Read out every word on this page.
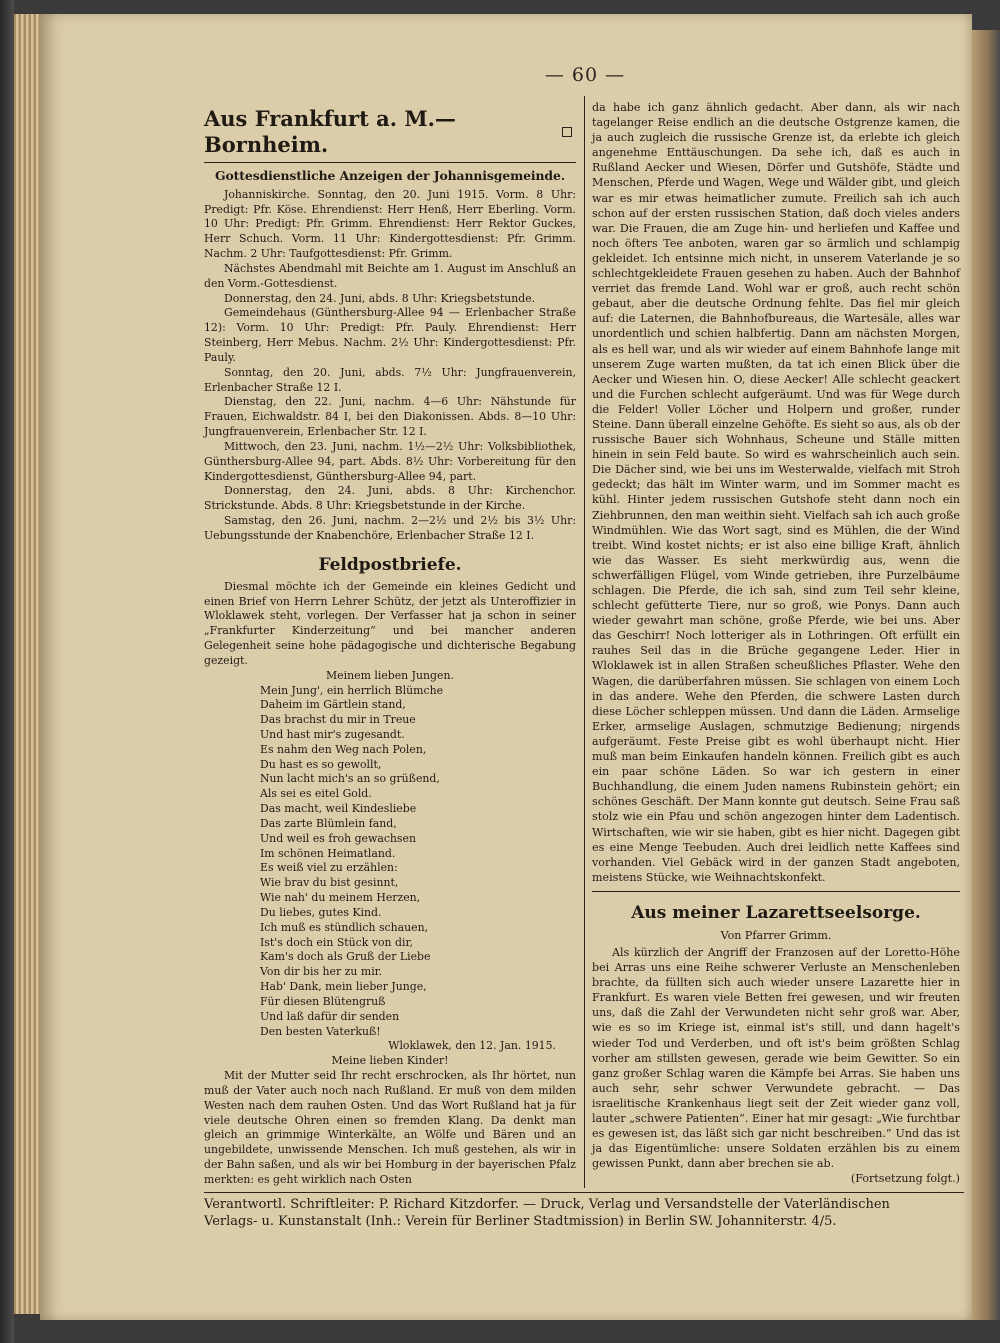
— 60 —
Aus Frankfurt a. M.—Bornheim.
Gottesdienstliche Anzeigen der Johannisgemeinde.

Johanniskirche. Sonntag, den 20. Juni 1915. Vorm. 8 Uhr: Predigt: Pfr. Köse. Ehrendienst: Herr Henß, Herr Eberling. Vorm. 10 Uhr: Predigt: Pfr. Grimm. Ehrendienst: Herr Rektor Guckes, Herr Schuch. Vorm. 11 Uhr: Kindergottesdienst: Pfr. Grimm. Nachm. 2 Uhr: Taufgottesdienst: Pfr. Grimm.

Nächstes Abendmahl mit Beichte am 1. August im Anschluß an den Vorm.-Gottesdienst.

Donnerstag, den 24. Juni, abds. 8 Uhr: Kriegsbetstunde.

Gemeindehaus (Günthersburg-Allee 94 — Erlenbacher Straße 12): Vorm. 10 Uhr: Predigt: Pfr. Pauly. Ehrendienst: Herr Steinberg, Herr Mebus. Nachm. 2½ Uhr: Kindergottesdienst: Pfr. Pauly.

Sonntag, den 20. Juni, abds. 7½ Uhr: Jungfrauenverein, Erlenbacher Straße 12 I.

Dienstag, den 22. Juni, nachm. 4—6 Uhr: Nähstunde für Frauen, Eichwaldstr. 84 I, bei den Diakonissen. Abds. 8—10 Uhr: Jungfrauenverein, Erlenbacher Str. 12 I.

Mittwoch, den 23. Juni, nachm. 1½—2½ Uhr: Volksbibliothek, Günthersburg-Allee 94, part. Abds. 8½ Uhr: Vorbereitung für den Kindergottesdienst, Günthersburg-Allee 94, part.

Donnerstag, den 24. Juni, abds. 8 Uhr: Kirchenchor. Strickstunde. Abds. 8 Uhr: Kriegsbetstunde in der Kirche.

Samstag, den 26. Juni, nachm. 2—2½ und 2½ bis 3½ Uhr: Uebungsstunde der Knabenchöre, Erlenbacher Straße 12 I.

Feldpostbriefe.

Diesmal möchte ich der Gemeinde ein kleines Gedicht und einen Brief von Herrn Lehrer Schütz, der jetzt als Unteroffizier in Wloklawek steht, vorlegen. Der Verfasser hat ja schon in seiner „Frankfurter Kinderzeitung“ und bei mancher anderen Gelegenheit seine hohe pädagogische und dichterische Begabung gezeigt.

Meinem lieben Jungen.
Mein Jung', ein herrlich Blümche
Daheim im Gärtlein stand,
Das brachst du mir in Treue
Und hast mir's zugesandt.
Es nahm den Weg nach Polen,
Du hast es so gewollt,
Nun lacht mich's an so grüßend,
Als sei es eitel Gold.
Das macht, weil Kindesliebe
Das zarte Blümlein fand,
Und weil es froh gewachsen
Im schönen Heimatland.
Es weiß viel zu erzählen:
Wie brav du bist gesinnt,
Wie nah' du meinem Herzen,
Du liebes, gutes Kind.
Ich muß es stündlich schauen,
Ist's doch ein Stück von dir,
Kam's doch als Gruß der Liebe
Von dir bis her zu mir.
Hab' Dank, mein lieber Junge,
Für diesen Blütengruß
Und laß dafür dir senden
Den besten Vaterkuß!
Wloklawek, den 12. Jan. 1915.
Meine lieben Kinder!

Mit der Mutter seid Ihr recht erschrocken, als Ihr hörtet, nun muß der Vater auch noch nach Rußland. Er muß von dem milden Westen nach dem rauhen Osten. Und das Wort Rußland hat ja für viele deutsche Ohren einen so fremden Klang. Da denkt man gleich an grimmige Winterkälte, an Wölfe und Bären und an ungebildete, unwissende Menschen. Ich muß gestehen, als wir in der Bahn saßen, und als wir bei Homburg in der bayerischen Pfalz merkten: es geht wirklich nach Osten

da habe ich ganz ähnlich gedacht. Aber dann, als wir nach tagelanger Reise endlich an die deutsche Ostgrenze kamen, die ja auch zugleich die russische Grenze ist, da erlebte ich gleich angenehme Enttäuschungen. Da sehe ich, daß es auch in Rußland Aecker und Wiesen, Dörfer und Gutshöfe, Städte und Menschen, Pferde und Wagen, Wege und Wälder gibt, und gleich war es mir etwas heimatlicher zumute. Freilich sah ich auch schon auf der ersten russischen Station, daß doch vieles anders war. Die Frauen, die am Zuge hin- und herliefen und Kaffee und noch öfters Tee anboten, waren gar so ärmlich und schlampig gekleidet. Ich entsinne mich nicht, in unserem Vaterlande je so schlechtgekleidete Frauen gesehen zu haben. Auch der Bahnhof verriet das fremde Land. Wohl war er groß, auch recht schön gebaut, aber die deutsche Ordnung fehlte. Das fiel mir gleich auf: die Laternen, die Bahnhofbureaus, die Wartesäle, alles war unordentlich und schien halbfertig. Dann am nächsten Morgen, als es hell war, und als wir wieder auf einem Bahnhofe lange mit unserem Zuge warten mußten, da tat ich einen Blick über die Aecker und Wiesen hin. O, diese Aecker! Alle schlecht geackert und die Furchen schlecht aufgeräumt. Und was für Wege durch die Felder! Voller Löcher und Holpern und großer, runder Steine. Dann überall einzelne Gehöfte. Es sieht so aus, als ob der russische Bauer sich Wohnhaus, Scheune und Ställe mitten hinein in sein Feld baute. So wird es wahrscheinlich auch sein. Die Dächer sind, wie bei uns im Westerwalde, vielfach mit Stroh gedeckt; das hält im Winter warm, und im Sommer macht es kühl. Hinter jedem russischen Gutshofe steht dann noch ein Ziehbrunnen, den man weithin sieht. Vielfach sah ich auch große Windmühlen. Wie das Wort sagt, sind es Mühlen, die der Wind treibt. Wind kostet nichts; er ist also eine billige Kraft, ähnlich wie das Wasser. Es sieht merkwürdig aus, wenn die schwerfälligen Flügel, vom Winde getrieben, ihre Purzelbäume schlagen. Die Pferde, die ich sah, sind zum Teil sehr kleine, schlecht gefütterte Tiere, nur so groß, wie Ponys. Dann auch wieder gewahrt man schöne, große Pferde, wie bei uns. Aber das Geschirr! Noch lotteriger als in Lothringen. Oft erfüllt ein rauhes Seil das in die Brüche gegangene Leder. Hier in Wloklawek ist in allen Straßen scheußliches Pflaster. Wehe den Wagen, die darüberfahren müssen. Sie schlagen von einem Loch in das andere. Wehe den Pferden, die schwere Lasten durch diese Löcher schleppen müssen. Und dann die Läden. Armselige Erker, armselige Auslagen, schmutzige Bedienung; nirgends aufgeräumt. Feste Preise gibt es wohl überhaupt nicht. Hier muß man beim Einkaufen handeln können. Freilich gibt es auch ein paar schöne Läden. So war ich gestern in einer Buchhandlung, die einem Juden namens Rubinstein gehört; ein schönes Geschäft. Der Mann konnte gut deutsch. Seine Frau saß stolz wie ein Pfau und schön angezogen hinter dem Ladentisch. Wirtschaften, wie wir sie haben, gibt es hier nicht. Dagegen gibt es eine Menge Teebuden. Auch drei leidlich nette Kaffees sind vorhanden. Viel Gebäck wird in der ganzen Stadt angeboten, meistens Stücke, wie Weihnachtskonfekt.

Aus meiner Lazarettseelsorge.
Von Pfarrer Grimm.

Als kürzlich der Angriff der Franzosen auf der Loretto-Höhe bei Arras uns eine Reihe schwerer Verluste an Menschenleben brachte, da füllten sich auch wieder unsere Lazarette hier in Frankfurt. Es waren viele Betten frei gewesen, und wir freuten uns, daß die Zahl der Verwundeten nicht sehr groß war. Aber, wie es so im Kriege ist, einmal ist's still, und dann hagelt's wieder Tod und Verderben, und oft ist's beim größten Schlag vorher am stillsten gewesen, gerade wie beim Gewitter. So ein ganz großer Schlag waren die Kämpfe bei Arras. Sie haben uns auch sehr, sehr schwer Verwundete gebracht. — Das israelitische Krankenhaus liegt seit der Zeit wieder ganz voll, lauter „schwere Patienten“. Einer hat mir gesagt: „Wie furchtbar es gewesen ist, das läßt sich gar nicht beschreiben.“ Und das ist ja das Eigentümliche: unsere Soldaten erzählen bis zu einem gewissen Punkt, dann aber brechen sie ab.

(Fortsetzung folgt.)
Verantwortl. Schriftleiter: P. Richard Kitzdorfer. — Druck, Verlag und Versandstelle der Vaterländischen
Verlags- u. Kunstanstalt (Inh.: Verein für Berliner Stadtmission) in Berlin SW. Johanniterstr. 4/5.
